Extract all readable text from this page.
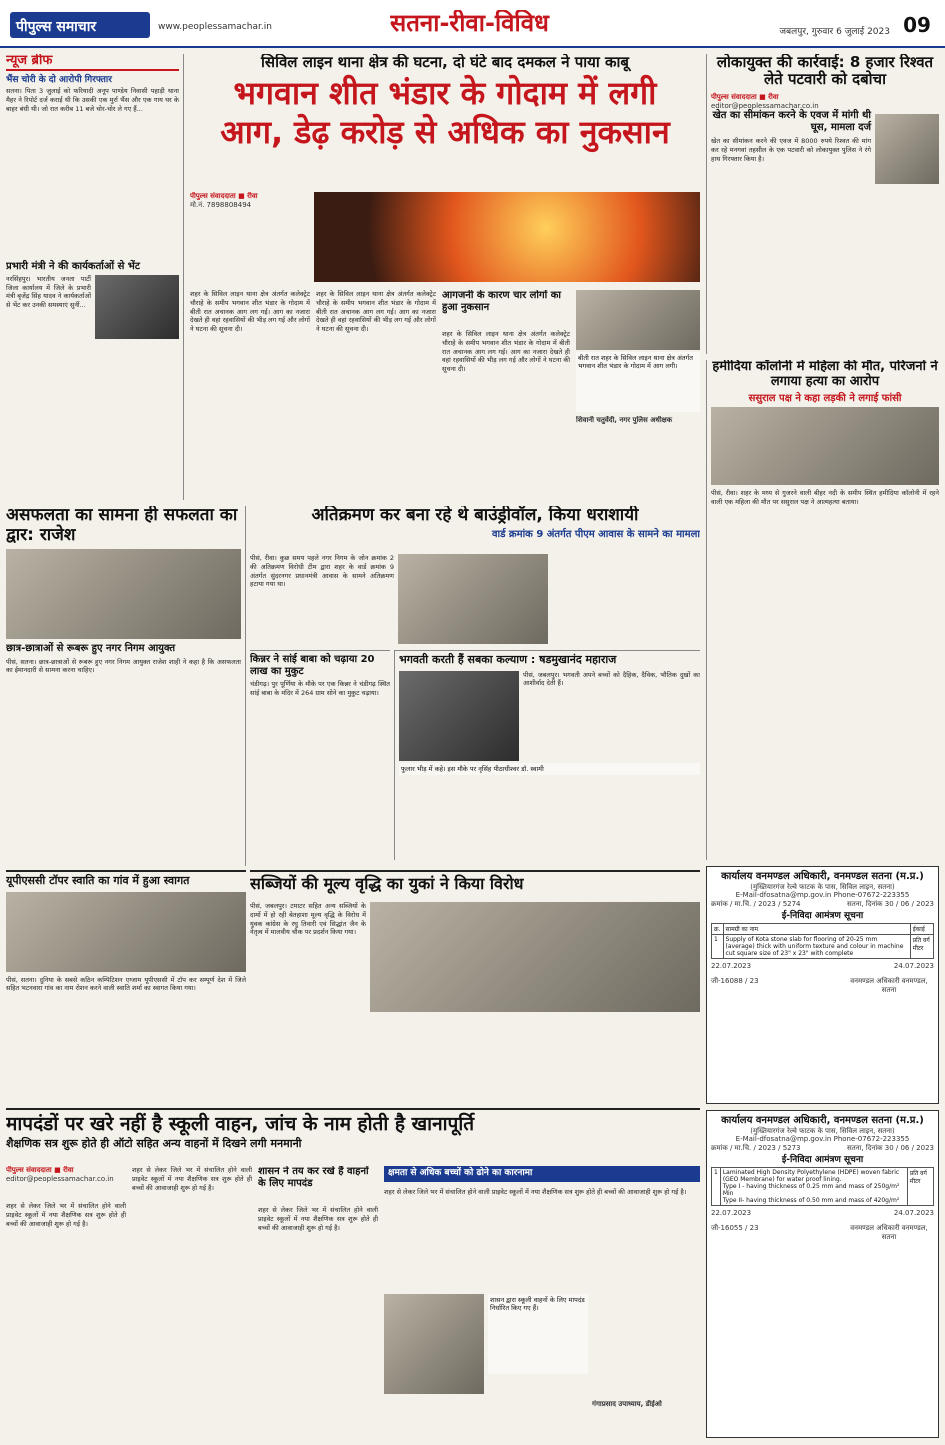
पीपुल्स समाचार	www.peoplessamachar.in	सतना-रीवा-विविध	जबलपुर, गुरुवार 6 जुलाई 2023 09
न्यूज ब्रीफ
भैंस चोरी के दो आरोपी गिरफ्तार
सतना। पिता 3 जुलाई को फरियादी अनूप पाण्डेय निवासी पहाड़ी थाना मैहर ने रिपोर्ट दर्ज कराई थी कि उसकी एक मुर्रा भैंस और एक गाय घर के बाहर बंधी थी। जो रात करीब 11 बजे चोर-चोर ले गए हैं...
प्रभारी मंत्री ने की कार्यकर्ताओं से भेंट
नरसिंहपुर। भारतीय जनता पार्टी जिला कार्यालय में जिले के प्रभारी मंत्री बृजेंद्र सिंह यादव ने कार्यकर्ताओं से भेंट कर उनकी समस्याएं सुनीं...
सिविल लाइन थाना क्षेत्र की घटना, दो घंटे बाद दमकल ने पाया काबू
भगवान शीत भंडार के गोदाम में लगी
आग, डेढ़ करोड़ से अधिक का नुकसान
पीपुल्स संवाददाता ■ रीवा
मो.नं. 7898808494
शहर के सिविल लाइन थाना क्षेत्र अंतर्गत कलेक्ट्रेट चौराहे के समीप भगवान शीत भंडार के गोदाम में बीती रात अचानक आग लग गई। आग का नजारा देखते ही वहां रहवासियों की भीड़ लग गई और लोगों ने घटना की सूचना दी।
शहर के सिविल लाइन थाना क्षेत्र अंतर्गत कलेक्ट्रेट चौराहे के समीप भगवान शीत भंडार के गोदाम में बीती रात अचानक आग लग गई। आग का नजारा देखते ही वहां रहवासियों की भीड़ लग गई और लोगों ने घटना की सूचना दी।
आगजनी के कारण चार लोगों का हुआ नुकसान
शहर के सिविल लाइन थाना क्षेत्र अंतर्गत कलेक्ट्रेट चौराहे के समीप भगवान शीत भंडार के गोदाम में बीती रात अचानक आग लग गई। आग का नजारा देखते ही वहां रहवासियों की भीड़ लग गई और लोगों ने घटना की सूचना दी।
बीती रात शहर के सिविल लाइन थाना क्षेत्र अंतर्गत भगवान शीत भंडार के गोदाम में आग लगी।
शिवानी चतुर्वेदी, नगर पुलिस अधीक्षक
लोकायुक्त की कार्रवाई: 8 हजार रिश्वत लेते पटवारी को दबोचा
पीपुल्स संवाददाता ■ रीवा
editor@peoplessamachar.co.in
खेत का सीमांकन करने के एवज में मांगी थी घूस, मामला दर्ज
खेत का सीमांकन करने की एवज में 8000 रुपये रिश्वत की मांग कर रहे मनगवां तहसील के एक पटवारी को लोकायुक्त पुलिस ने रंगे हाथ गिरफ्तार किया है।
हमीदिया कॉलोनी में महिला की मौत, परिजनों ने लगाया हत्या का आरोप
ससुराल पक्ष ने कहा लड़की ने लगाई फांसी
पीसं, रीवा। शहर के मध्य से गुजरने वाली बीहर नदी के समीप स्थित हमीदिया कॉलोनी में रहने वाली एक महिला की मौत पर ससुराल पक्ष ने आत्महत्या बताया।
असफलता का सामना ही सफलता का द्वार: राजेश
छात्र-छात्राओं से रूबरू हुए नगर निगम आयुक्त
पीसं, सतना। छात्र-छात्राओं से रूबरू हुए नगर निगम आयुक्त राजेश शाही ने कहा है कि असफलता का ईमानदारी से सामना करना चाहिए।
अतिक्रमण कर बना रहे थे बाउंड्रीवॉल, किया धराशायी
वार्ड क्रमांक 9 अंतर्गत पीएम आवास के सामने का मामला
पीसं, रीवा। कुछ समय पहले नगर निगम के जोन क्रमांक 2 की अतिक्रमण विरोधी टीम द्वारा शहर के वार्ड क्रमांक 9 अंतर्गत सुंदरनगर प्रधानमंत्री आवास के सामने अतिक्रमण हटाया गया था।
किन्नर ने सांई बाबा को चढ़ाया 20 लाख का मुकुट
चंडीगढ़। पुर पूर्णिया के मौके पर एक किन्नर ने चंडीगढ़ स्थित सांई बाबा के मंदिर में 264 ग्राम सोने का मुकुट चढ़ाया।
भगवती करती हैं सबका कल्याण : षडमुखानंद महाराज
पीसं, जबलपुर। भगवती अपने बच्चों को दैहिक, दैविक, भौतिक दुखों का आशीर्वाद देती हैं।
फुलार भीड़ में कहे। इस मौके पर नृसिंह पीठाधीश्वर डॉ. स्वामी
यूपीएससी टॉपर स्वाति का गांव में हुआ स्वागत
पीसं, सतना। दुनिया के सबसे कठिन कम्पिटिशन एग्जाम यूपीएससी में टॉप कर सम्पूर्ण देश में जिले सहित भटनवारा गांव का नाम रोशन करने वाली स्वाति शर्मा का स्वागत किया गया।
सब्जियों की मूल्य वृद्धि का युकां ने किया विरोध
पीसं, जबलपुर। टमाटर सहित अन्य सब्जियों के दामों में हो रही बेतहाशा मूल्य वृद्धि के विरोध में युवक कांग्रेस के रघु तिवारी एवं सिद्धांत जैन के नेतृत्व में मालवीय चौक पर प्रदर्शन किया गया।
कार्यालय वनमण्डल अधिकारी, वनमण्डल सतना (म.प्र.)
(मुख्तियारगंज रेल्वे फाटक के पास, सिविल लाइन, सतना)
E-Mail-dfosatna@mp.gov.in Phone-07672-223355
क्रमांक / मा.चि. / 2023 / 5274	सतना, दिनांक 30 / 06 / 2023
ई-निविदा आमंत्रण सूचना
क्र.	सामग्री का नाम	ईकाई
1	Supply of Kota stone slab for flooring of 20-25 mm (average) thick with uniform texture and colour in machine cut square size of 23" x 23" with complete	प्रति वर्ग मीटर
22.07.2023	24.07.2023
जी-16088 / 23	वनमण्डल अधिकारी वनमण्डल, सतना
मापदंडों पर खरे नहीं है स्कूली वाहन, जांच के नाम होती है खानापूर्ति
शैक्षणिक सत्र शुरू होते ही ऑटो सहित अन्य वाहनों में दिखने लगी मनमानी
पीपुल्स संवाददाता ■ रीवा
editor@peoplessamachar.co.in
शहर से लेकर जिले भर में संचालित होने वाली प्राइवेट स्कूलों में नया शैक्षणिक सत्र शुरू होते ही बच्चों की आवाजाही शुरू हो गई है।
शहर से लेकर जिले भर में संचालित होने वाली प्राइवेट स्कूलों में नया शैक्षणिक सत्र शुरू होते ही बच्चों की आवाजाही शुरू हो गई है।
शासन ने तय कर रखे हैं वाहनों के लिए मापदंड
शहर से लेकर जिले भर में संचालित होने वाली प्राइवेट स्कूलों में नया शैक्षणिक सत्र शुरू होते ही बच्चों की आवाजाही शुरू हो गई है।
क्षमता से अधिक बच्चों को ढोने का कारनामा
शहर से लेकर जिले भर में संचालित होने वाली प्राइवेट स्कूलों में नया शैक्षणिक सत्र शुरू होते ही बच्चों की आवाजाही शुरू हो गई है।
शासन द्वारा स्कूली वाहनों के लिए मापदंड निर्धारित किए गए हैं।
गंगाप्रसाद उपाध्याय, डीईओ
कार्यालय वनमण्डल अधिकारी, वनमण्डल सतना (म.प्र.)
(मुख्तियारगंज रेल्वे फाटक के पास, सिविल लाइन, सतना)
E-Mail-dfosatna@mp.gov.in Phone-07672-223355
क्रमांक / मा.चि. / 2023 / 5273	सतना, दिनांक 30 / 06 / 2023
ई-निविदा आमंत्रण सूचना
1	Laminated High Density Polyethylene (HDPE) woven fabric (GEO Membrane) for water proof lining.
Type I - having thickness of 0.25 mm and mass of 250g/m² Min
Type II- having thickness of 0.50 mm and mass of 420g/m²
	प्रति वर्ग मीटर
22.07.2023	24.07.2023
जी-16055 / 23	वनमण्डल अधिकारी वनमण्डल, सतना
